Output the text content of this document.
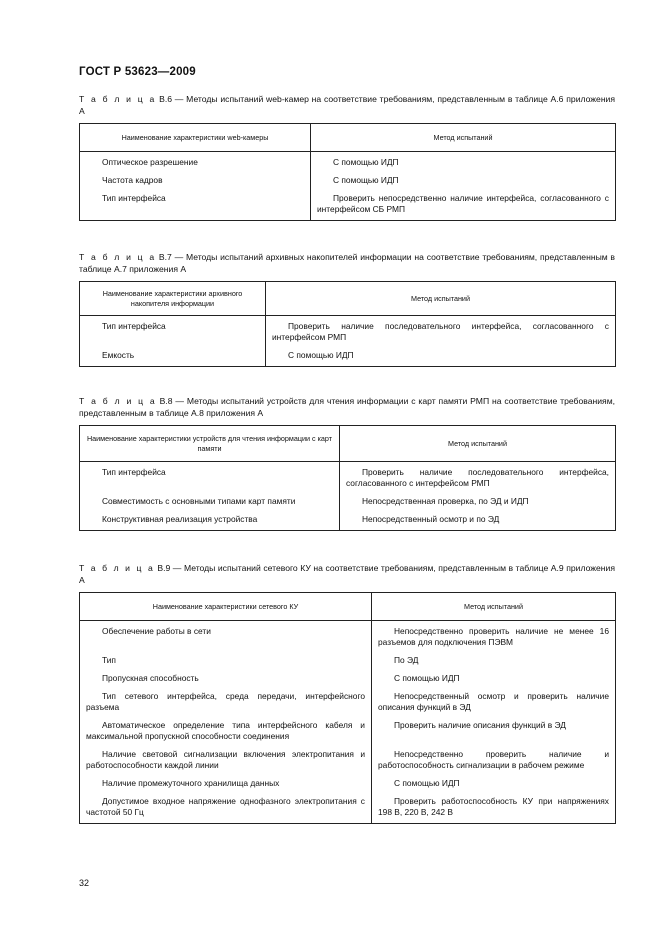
ГОСТ Р 53623—2009
Т а б л и ц а В.6 — Методы испытаний web-камер на соответствие требованиям, представленным в таблице А.6 приложения А
Наименование характеристики web-камеры	Метод испытаний
Оптическое разрешение	С помощью ИДП
Частота кадров	С помощью ИДП
Тип интерфейса	Проверить непосредственно наличие интерфейса, согласованного с интерфейсом СБ РМП
Т а б л и ц а В.7 — Методы испытаний архивных накопителей информации на соответствие требованиям, представленным в таблице А.7 приложения А
Наименование характеристики архивного накопителя информации	Метод испытаний
Тип интерфейса	Проверить наличие последовательного интерфейса, согласованного с интерфейсом РМП
Емкость	С помощью ИДП
Т а б л и ц а В.8 — Методы испытаний устройств для чтения информации с карт памяти РМП на соответствие требованиям, представленным в таблице А.8 приложения А
Наименование характеристики устройств для чтения информации с карт памяти	Метод испытаний
Тип интерфейса	Проверить наличие последовательного интерфейса, согласованного с интерфейсом РМП
Совместимость с основными типами карт памяти	Непосредственная проверка, по ЭД и ИДП
Конструктивная реализация устройства	Непосредственный осмотр и по ЭД
Т а б л и ц а В.9 — Методы испытаний сетевого КУ на соответствие требованиям, представленным в таблице А.9 приложения А
Наименование характеристики сетевого КУ	Метод испытаний
Обеспечение работы в сети	Непосредственно проверить наличие не менее 16 разъемов для подключения ПЭВМ
Тип	По ЭД
Пропускная способность	С помощью ИДП
Тип сетевого интерфейса, среда передачи, интерфейсного разъема	Непосредственный осмотр и проверить наличие описания функций в ЭД
Автоматическое определение типа интерфейсного кабеля и максимальной пропускной способности соединения	Проверить наличие описания функций в ЭД
Наличие световой сигнализации включения электропитания и работоспособности каждой линии	Непосредственно проверить наличие и работоспособность сигнализации в рабочем режиме
Наличие промежуточного хранилища данных	С помощью ИДП
Допустимое входное напряжение однофазного электропитания с частотой 50 Гц	Проверить работоспособность КУ при напряжениях 198 В, 220 В, 242 В
32
